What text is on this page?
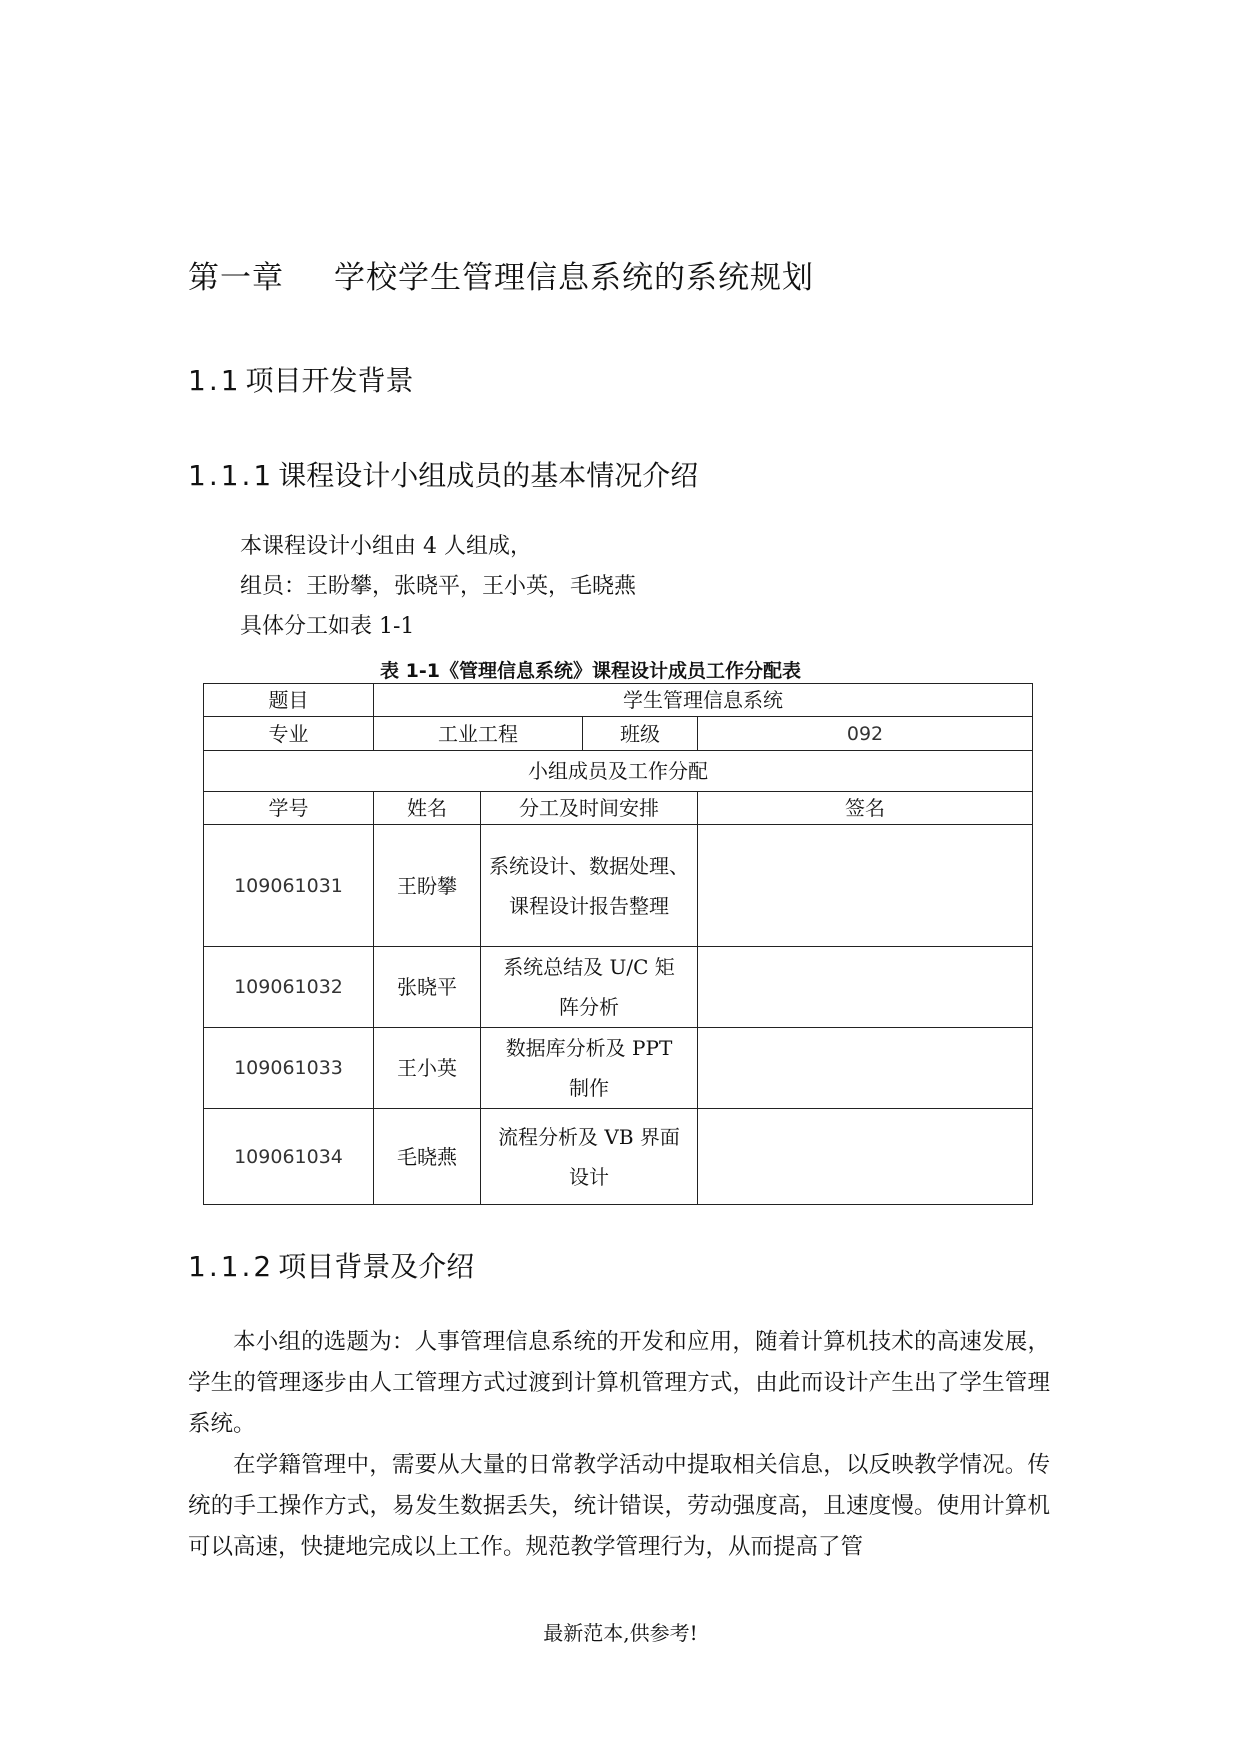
第一章 学校学生管理信息系统的系统规划
1.1 项目开发背景
1.1.1 课程设计小组成员的基本情况介绍
本课程设计小组由 4 人组成，
组员：王盼攀，张晓平，王小英，毛晓燕
具体分工如表 1-1
表 1-1《管理信息系统》课程设计成员工作分配表
题目	学生管理信息系统			
专业	工业工程		班级	092
小组成员及工作分配				
学号	姓名	分工及时间安排		签名
109061031	王盼攀	系统设计、数据处理、
课程设计报告整理		
109061032	张晓平	系统总结及 U/C 矩
阵分析		
109061033	王小英	数据库分析及 PPT
制作		
109061034	毛晓燕	流程分析及 VB 界面
设计		
1.1.2 项目背景及介绍
本小组的选题为：人事管理信息系统的开发和应用，随着计算机技术的高速发展，学生的管理逐步由人工管理方式过渡到计算机管理方式，由此而设计产生出了学生管理系统。
在学籍管理中，需要从大量的日常教学活动中提取相关信息，以反映教学情况。传统的手工操作方式，易发生数据丢失，统计错误，劳动强度高，且速度慢。使用计算机可以高速，快捷地完成以上工作。规范教学管理行为，从而提高了管
最新范本,供参考!
